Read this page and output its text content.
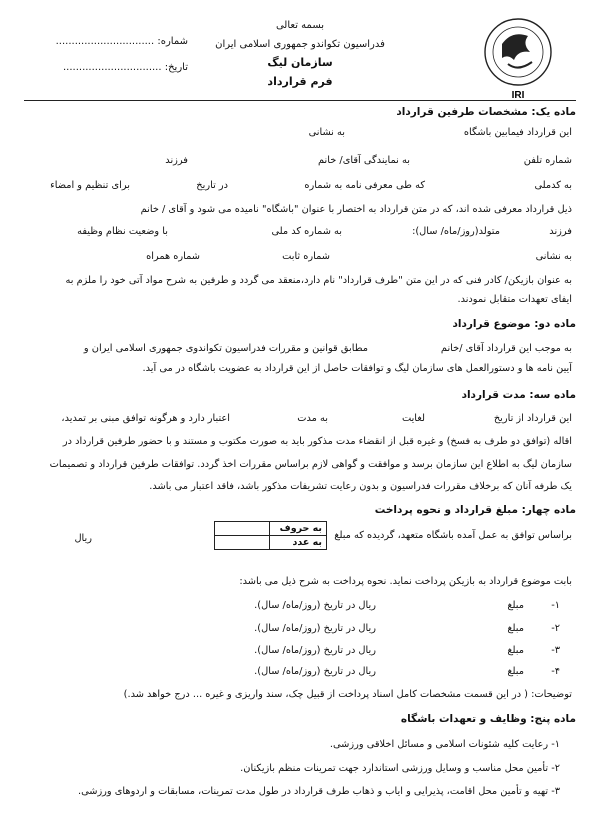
IRI
بسمه تعالی
فدراسیون تکواندو جمهوری اسلامی ایران
سازمان لیگ
فرم قرارداد
شماره: ...............................
تاریخ: ...............................
ماده یک: مشخصات طرفین قرارداد
این قرارداد فیمابین باشگاه
به نشانی
شماره تلفن
به نمایندگی آقای/ خانم
فرزند
به کدملی
که طی معرفی نامه به شماره
در تاریخ
برای تنظیم و امضاء
ذیل قرارداد معرفی شده اند، که در متن قرارداد به اختصار با عنوان "باشگاه" نامیده می شود و آقای / خانم
فرزند
متولد(روز/ماه/ سال):
به شماره کد ملی
با وضعیت نظام وظیفه
به نشانی
شماره ثابت
شماره همراه
به عنوان بازیکن/ کادر فنی که در این متن "طرف قرارداد" نام دارد،منعقد می گردد و طرفین به شرح مواد آتی خود را ملزم به
ایفای تعهدات متقابل نمودند.
ماده دو: موضوع قرارداد
به موجب این قرارداد آقای /خانم
مطابق قوانین و مقررات فدراسیون تکواندوی جمهوری اسلامی ایران و
آیین نامه ها و دستورالعمل های سازمان لیگ و توافقات حاصل از این قرارداد به عضویت باشگاه در می آید.
ماده سه: مدت قرارداد
این قرارداد از تاریخ
لغایت
به مدت
اعتبار دارد و هرگونه توافق مبنی بر تمدید،
اقاله (توافق دو طرف به فسخ) و غیره قبل از انقضاء مدت مذکور باید به صورت مکتوب و مستند و با حضور طرفین قرارداد در
سازمان لیگ به اطلاع این سازمان برسد و موافقت و گواهی لازم براساس مقررات اخذ گردد. توافقات طرفین قرارداد و تصمیمات
یک طرفه آنان که برخلاف مقررات فدراسیون و بدون رعایت تشریفات مذکور باشد، فاقد اعتبار می باشد.
ماده چهار: مبلغ قرارداد و نحوه پرداخت
براساس توافق به عمل آمده باشگاه متعهد، گردیده که مبلغ
به حروف	
به عدد	
ریال
بابت موضوع قرارداد به بازیکن پرداخت نماید. نحوه پرداخت به شرح ذیل می باشد:
۱-
مبلغ
ریال در تاریخ (روز/ماه/ سال).
۲-
مبلغ
ریال در تاریخ (روز/ماه/ سال).
۳-
مبلغ
ریال در تاریخ (روز/ماه/ سال).
۴-
مبلغ
ریال در تاریخ (روز/ماه/ سال).
توضیحات: ( در این قسمت مشخصات کامل اسناد پرداخت از قبیل چک، سند واریزی و غیره ... درج خواهد شد.)
ماده پنج: وظایف و تعهدات باشگاه
۱- رعایت کلیه شئونات اسلامی و مسائل اخلاقی ورزشی.
۲- تأمین محل مناسب و وسایل ورزشی استاندارد جهت تمرینات منظم بازیکنان.
۳- تهیه و تأمین محل اقامت، پذیرایی و ایاب و ذهاب طرف قرارداد در طول مدت تمرینات، مسابقات و اردوهای ورزشی.
